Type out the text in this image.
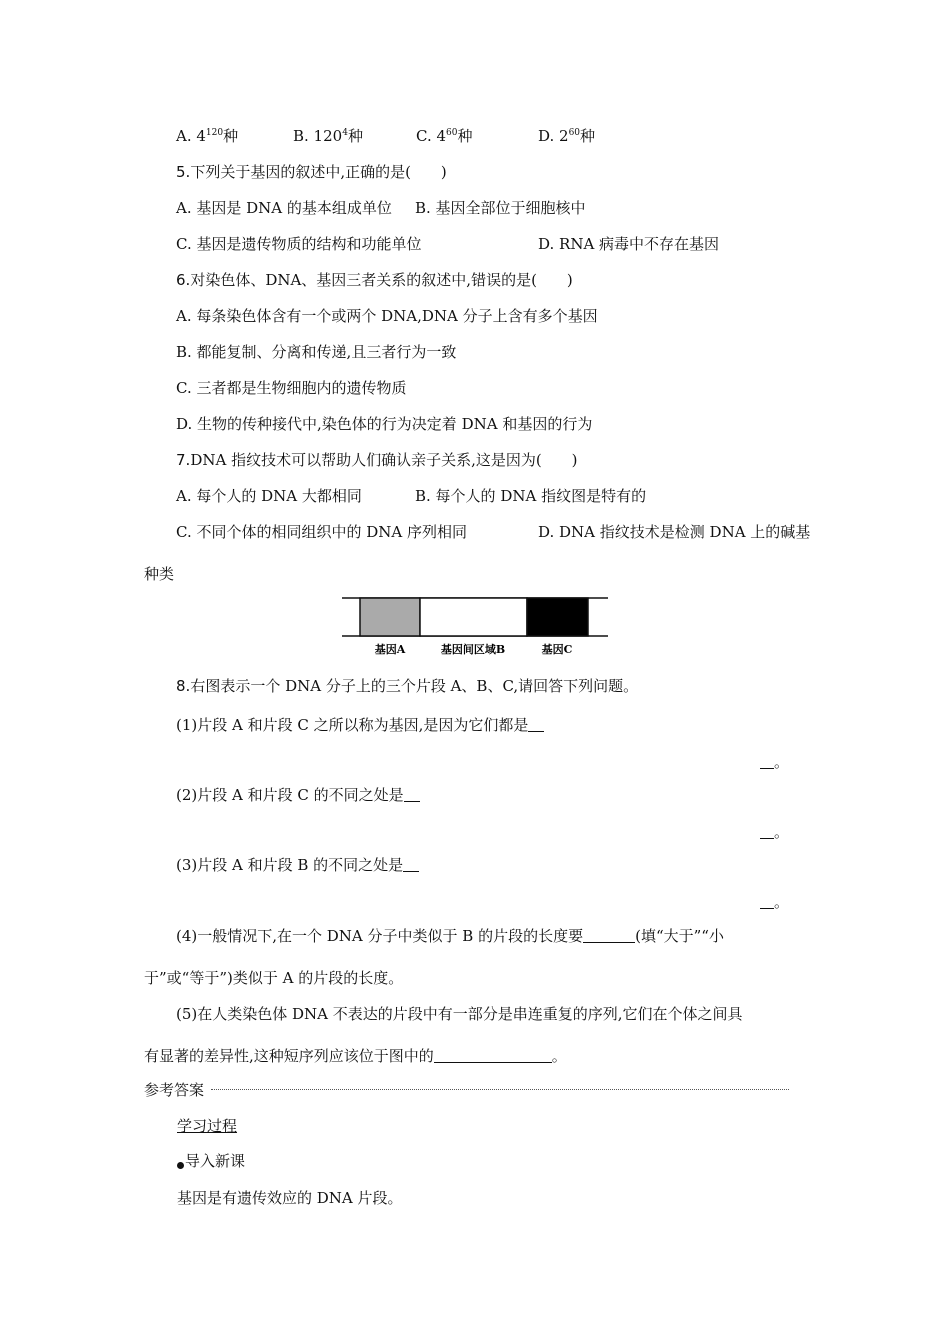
A. $4^{120}$种	B. $120^4$种	C. $4^{60}$种	D. $2^{60}$种
5.下列关于基因的叙述中,正确的是(　　)
A. 基因是 DNA 的基本组成单位 B. 基因全部位于细胞核中
C. 基因是遗传物质的结构和功能单位	D. RNA 病毒中不存在基因
6.对染色体、DNA、基因三者关系的叙述中,错误的是(　　)
A. 每条染色体含有一个或两个 DNA,DNA 分子上含有多个基因
B. 都能复制、分离和传递,且三者行为一致
C. 三者都是生物细胞内的遗传物质
D. 生物的传种接代中,染色体的行为决定着 DNA 和基因的行为
7.DNA 指纹技术可以帮助人们确认亲子关系,这是因为(　　)
A. 每个人的 DNA 大都相同	B. 每个人的 DNA 指纹图是特有的
C. 不同个体的相同组织中的 DNA 序列相同	D. DNA 指纹技术是检测 DNA 上的碱基
种类
基因A	基因间区域B	基因C
8.右图表示一个 DNA 分子上的三个片段 A、B、C,请回答下列问题。
(1)片段 A 和片段 C 之所以称为基因,是因为它们都是
。
(2)片段 A 和片段 C 的不同之处是
。
(3)片段 A 和片段 B 的不同之处是
。
(4)一般情况下,在一个 DNA 分子中类似于 B 的片段的长度要	(填“大于”“小
于”或“等于”)类似于 A 的片段的长度。
(5)在人类染色体 DNA 不表达的片段中有一部分是串连重复的序列,它们在个体之间具
有显著的差异性,这种短序列应该位于图中的	。
参考答案
学习过程
导入新课
基因是有遗传效应的 DNA 片段。
